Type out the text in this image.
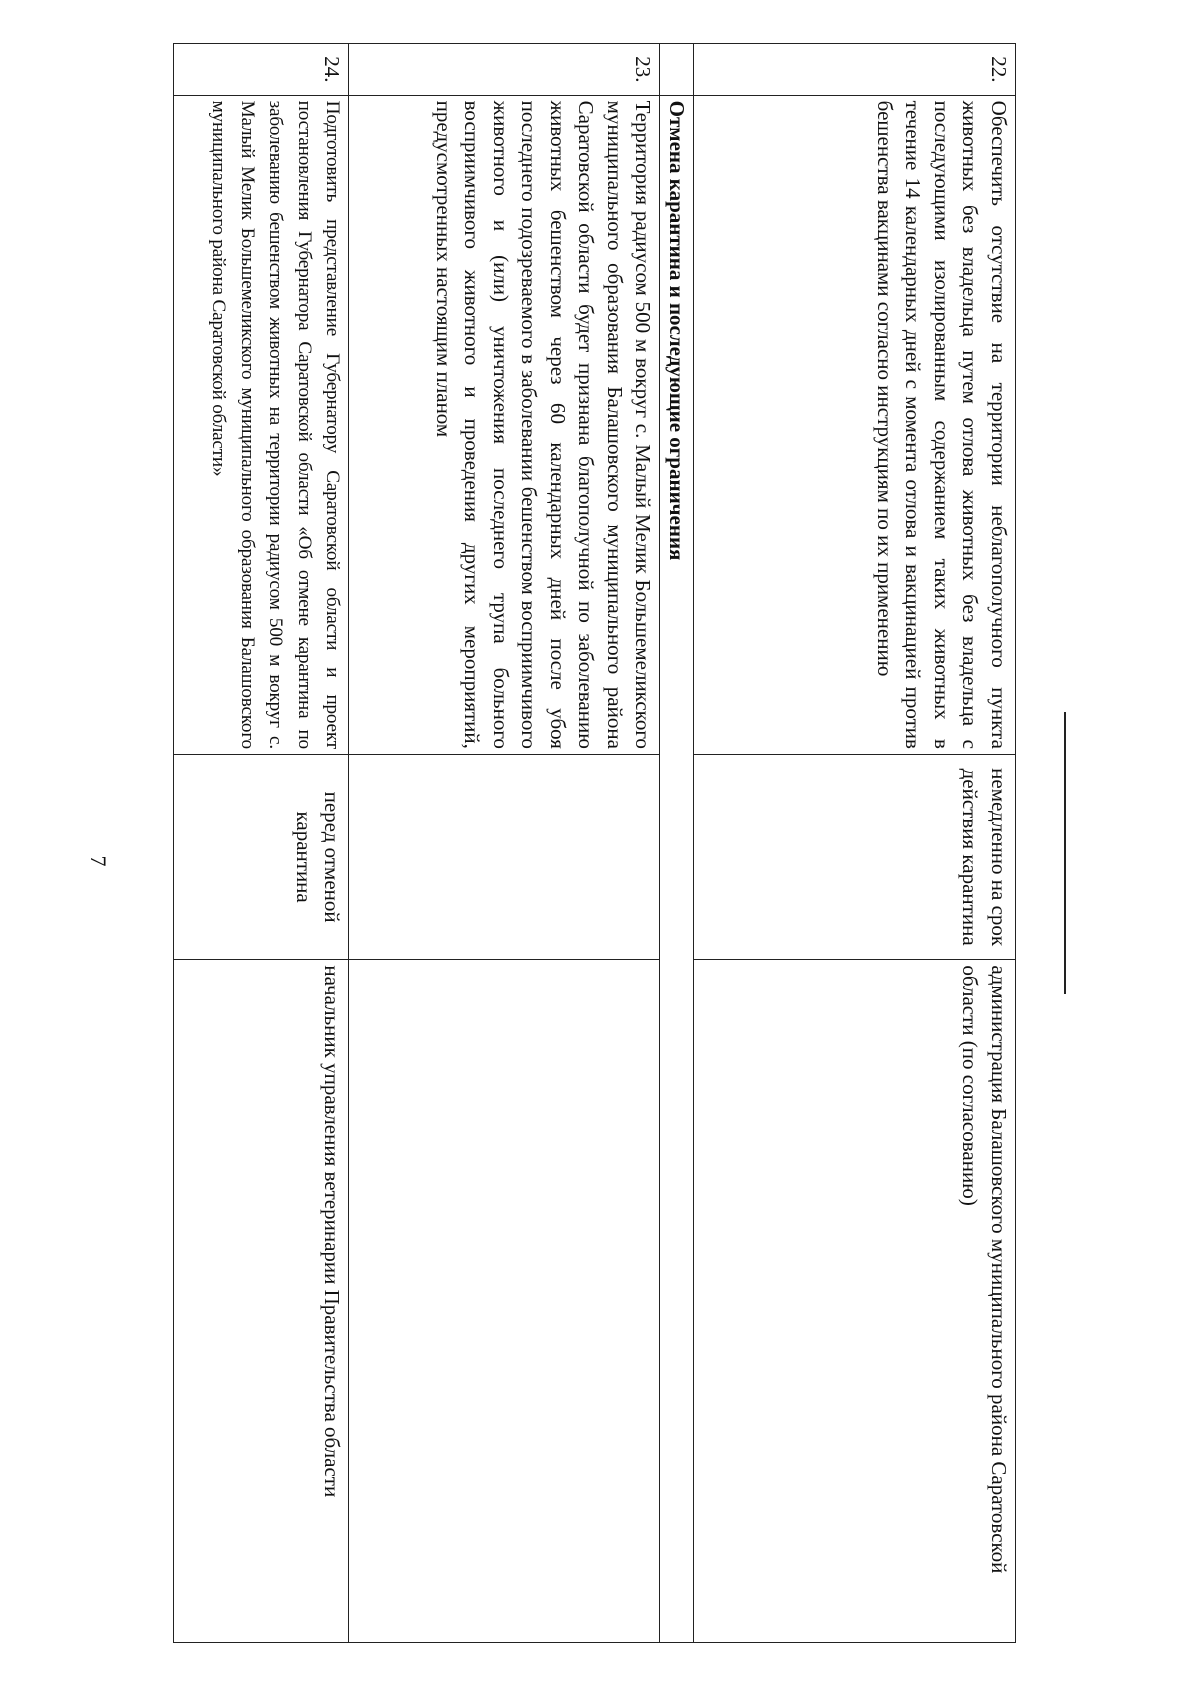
7
22.	Обеспечить отсутствие на территории неблагополучного пункта животных без владельца путем отлова животных без владельца с последующими изолированным содержанием таких животных в течение 14 календарных дней с момента отлова и вакцинацией против бешенства вакцинами согласно инструкциям по их применению	немедленно на срок действия карантина	администрация Балашовского муниципального района Саратовской области (по согласованию)
	Отмена карантина и последующие ограничения		
23.	Территория радиусом 500 м вокруг с. Малый Мелик Большемеликского муниципального образования Балашовского муниципального района Саратовской области будет признана благополучной по заболеванию животных бешенством через 60 календарных дней после убоя последнего подозреваемого в заболевании бешенством восприимчивого животного и (или) уничтожения последнего трупа больного восприимчивого животного и проведения других мероприятий, предусмотренных настоящим планом		
24.	Подготовить представление Губернатору Саратовской области и проект постановления Губернатора Саратовской области «Об отмене карантина по заболеванию бешенством животных на территории радиусом 500 м вокруг с. Малый Мелик Большемеликского муниципального образования Балашовского муниципального района Саратовской области»	перед отменой карантина	начальник управления ветеринарии Правительства области
